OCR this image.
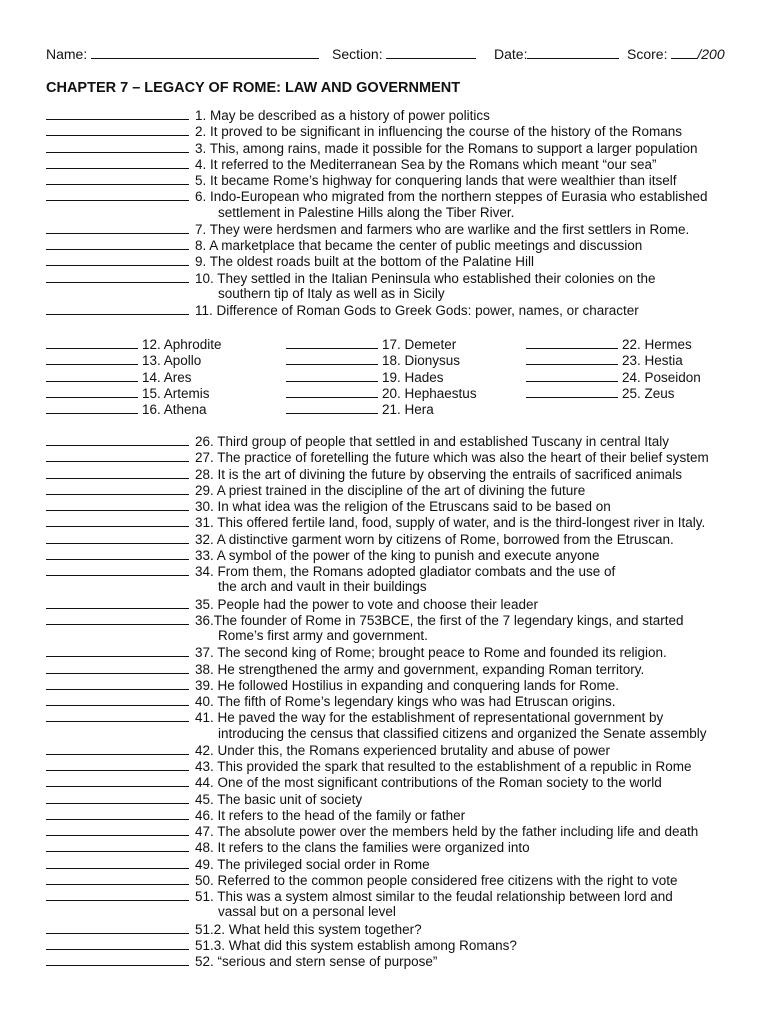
Name:	Section:	Date:	Score: /200
CHAPTER 7 – LEGACY OF ROME: LAW AND GOVERNMENT
1. May be described as a history of power politics
2. It proved to be significant in influencing the course of the history of the Romans
3. This, among rains, made it possible for the Romans to support a larger population
4. It referred to the Mediterranean Sea by the Romans which meant “our sea”
5. It became Rome’s highway for conquering lands that were wealthier than itself
6. Indo-European who migrated from the northern steppes of Eurasia who established
settlement in Palestine Hills along the Tiber River.
7. They were herdsmen and farmers who are warlike and the first settlers in Rome.
8. A marketplace that became the center of public meetings and discussion
9. The oldest roads built at the bottom of the Palatine Hill
10. They settled in the Italian Peninsula who established their colonies on the
southern tip of Italy as well as in Sicily
11. Difference of Roman Gods to Greek Gods: power, names, or character
12. Aphrodite
13. Apollo
14. Ares
15. Artemis
16. Athena
17. Demeter
18. Dionysus
19. Hades
20. Hephaestus
21. Hera
22. Hermes
23. Hestia
24. Poseidon
25. Zeus
26. Third group of people that settled in and established Tuscany in central Italy
27. The practice of foretelling the future which was also the heart of their belief system
28. It is the art of divining the future by observing the entrails of sacrificed animals
29. A priest trained in the discipline of the art of divining the future
30. In what idea was the religion of the Etruscans said to be based on
31. This offered fertile land, food, supply of water, and is the third-longest river in Italy.
32. A distinctive garment worn by citizens of Rome, borrowed from the Etruscan.
33. A symbol of the power of the king to punish and execute anyone
34. From them, the Romans adopted gladiator combats and the use of
the arch and vault in their buildings
35. People had the power to vote and choose their leader
36.The founder of Rome in 753BCE, the first of the 7 legendary kings, and started
Rome’s first army and government.
37. The second king of Rome; brought peace to Rome and founded its religion.
38. He strengthened the army and government, expanding Roman territory.
39. He followed Hostilius in expanding and conquering lands for Rome.
40. The fifth of Rome’s legendary kings who was had Etruscan origins.
41. He paved the way for the establishment of representational government by
introducing the census that classified citizens and organized the Senate assembly
42. Under this, the Romans experienced brutality and abuse of power
43. This provided the spark that resulted to the establishment of a republic in Rome
44. One of the most significant contributions of the Roman society to the world
45. The basic unit of society
46. It refers to the head of the family or father
47. The absolute power over the members held by the father including life and death
48. It refers to the clans the families were organized into
49. The privileged social order in Rome
50. Referred to the common people considered free citizens with the right to vote
51. This was a system almost similar to the feudal relationship between lord and
vassal but on a personal level
51.2. What held this system together?
51.3. What did this system establish among Romans?
52. “serious and stern sense of purpose”
